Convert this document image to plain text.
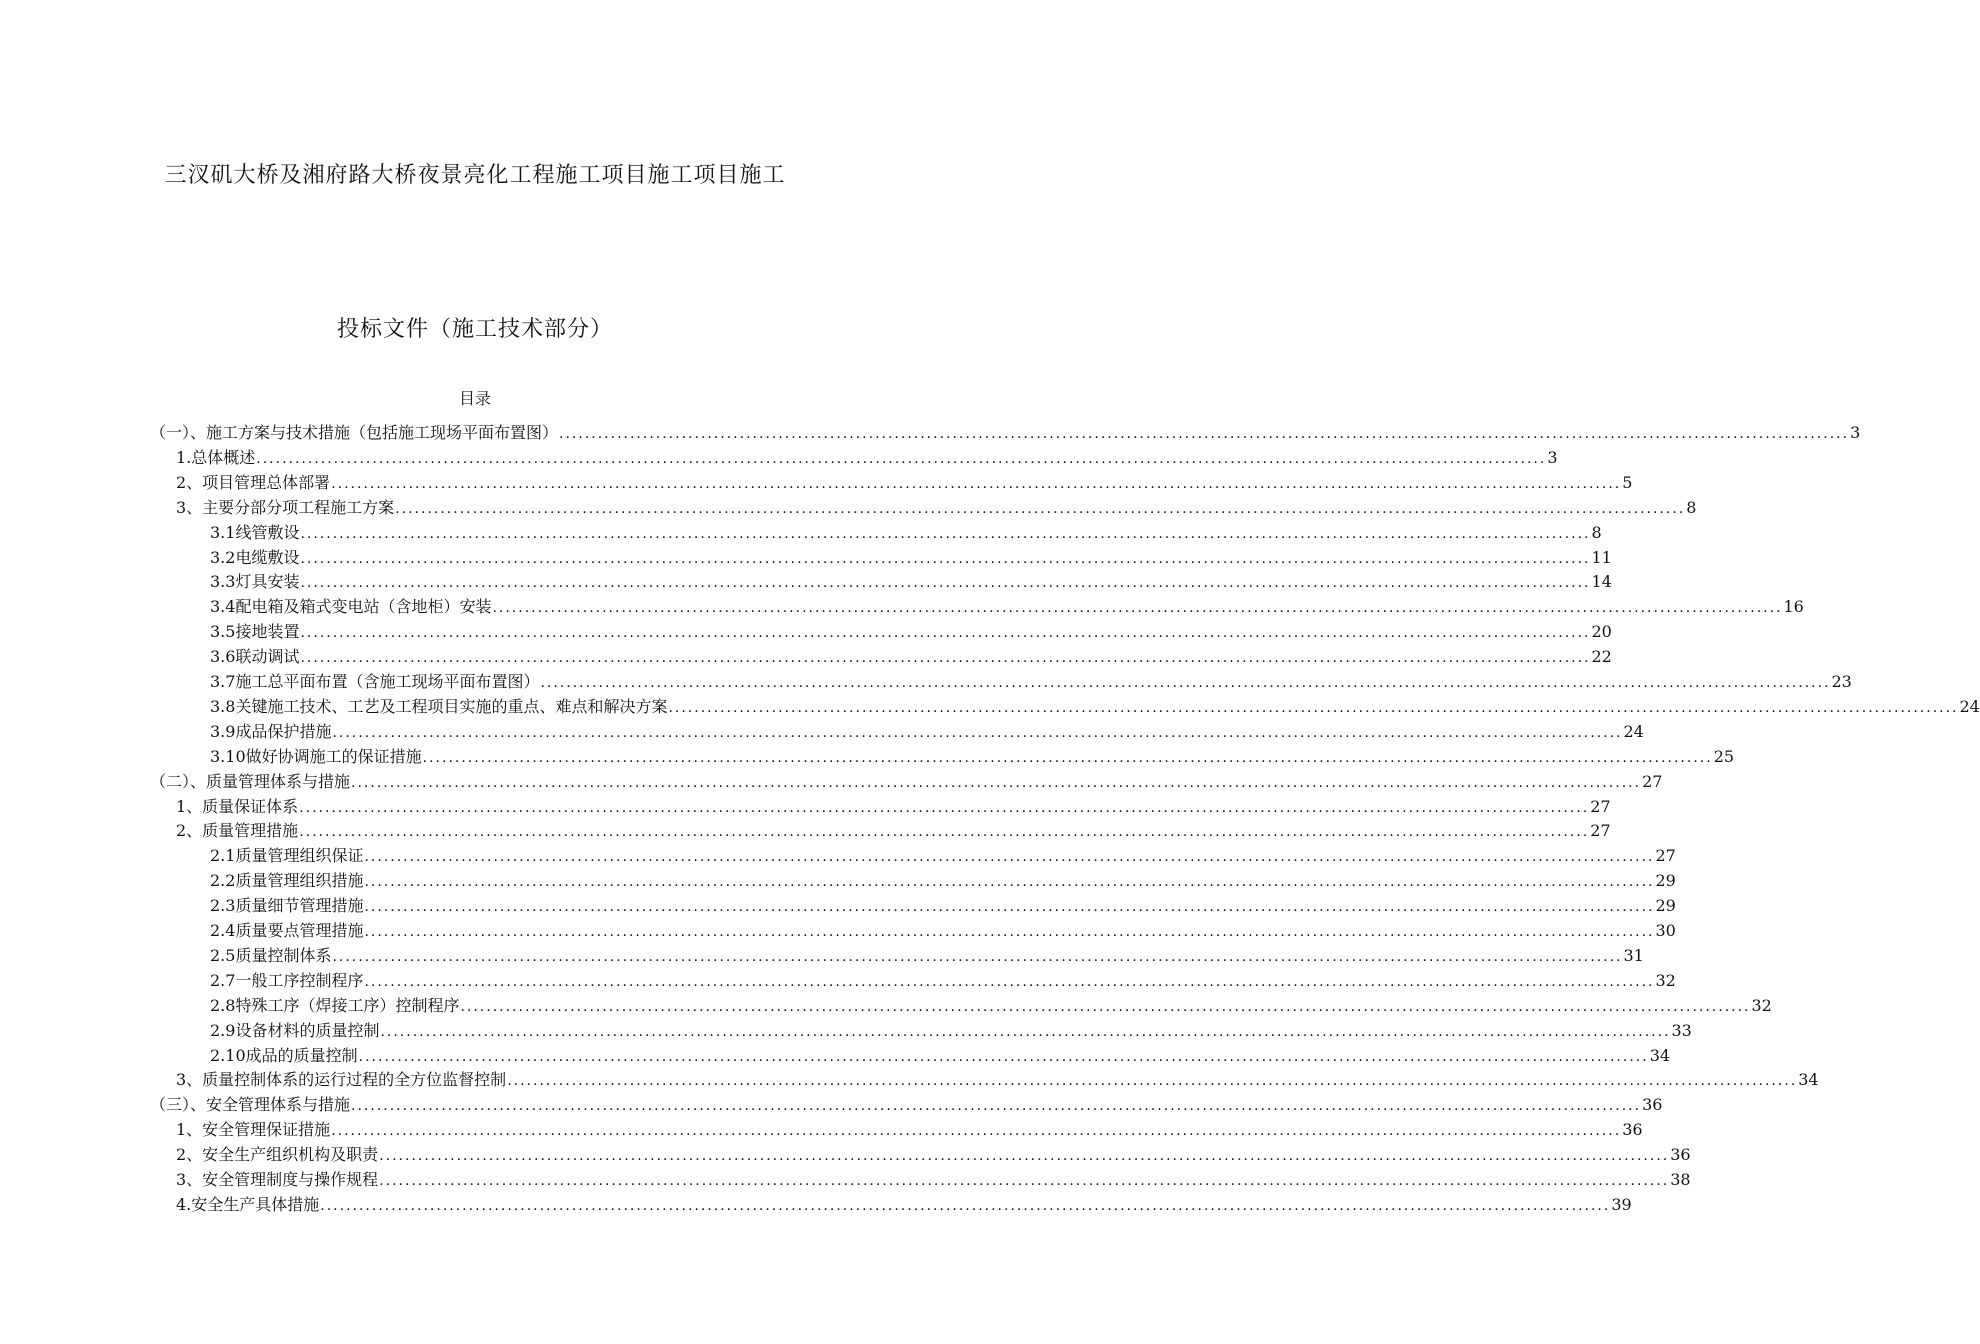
三汊矶大桥及湘府路大桥夜景亮化工程施工项目施工项目施工
投标文件（施工技术部分）
目录
（一）、施工方案与技术措施（包括施工现场平面布置图） ........................................................................................................................................................................................................ 3
1.总体概述 ........................................................................................................................................................................................................ 3
2、项目管理总体部署 ........................................................................................................................................................................................................ 5
3、主要分部分项工程施工方案 ........................................................................................................................................................................................................ 8
3.1线管敷设 ........................................................................................................................................................................................................ 8
3.2电缆敷设 ........................................................................................................................................................................................................ 11
3.3灯具安装 ........................................................................................................................................................................................................ 14
3.4配电箱及箱式变电站（含地柜）安装 ........................................................................................................................................................................................................ 16
3.5接地装置 ........................................................................................................................................................................................................ 20
3.6联动调试 ........................................................................................................................................................................................................ 22
3.7施工总平面布置（含施工现场平面布置图） ........................................................................................................................................................................................................ 23
3.8关键施工技术、工艺及工程项目实施的重点、难点和解决方案 ........................................................................................................................................................................................................ 24
3.9成品保护措施 ........................................................................................................................................................................................................ 24
3.10做好协调施工的保证措施 ........................................................................................................................................................................................................ 25
（二）、质量管理体系与措施 ........................................................................................................................................................................................................ 27
1、质量保证体系 ........................................................................................................................................................................................................ 27
2、质量管理措施 ........................................................................................................................................................................................................ 27
2.1质量管理组织保证 ........................................................................................................................................................................................................ 27
2.2质量管理组织措施 ........................................................................................................................................................................................................ 29
2.3质量细节管理措施 ........................................................................................................................................................................................................ 29
2.4质量要点管理措施 ........................................................................................................................................................................................................ 30
2.5质量控制体系 ........................................................................................................................................................................................................ 31
2.7一般工序控制程序 ........................................................................................................................................................................................................ 32
2.8特殊工序（焊接工序）控制程序 ........................................................................................................................................................................................................ 32
2.9设备材料的质量控制 ........................................................................................................................................................................................................ 33
2.10成品的质量控制 ........................................................................................................................................................................................................ 34
3、质量控制体系的运行过程的全方位监督控制 ........................................................................................................................................................................................................ 34
（三）、安全管理体系与措施 ........................................................................................................................................................................................................ 36
1、安全管理保证措施 ........................................................................................................................................................................................................ 36
2、安全生产组织机构及职责 ........................................................................................................................................................................................................ 36
3、安全管理制度与操作规程 ........................................................................................................................................................................................................ 38
4.安全生产具体措施 ........................................................................................................................................................................................................ 39
